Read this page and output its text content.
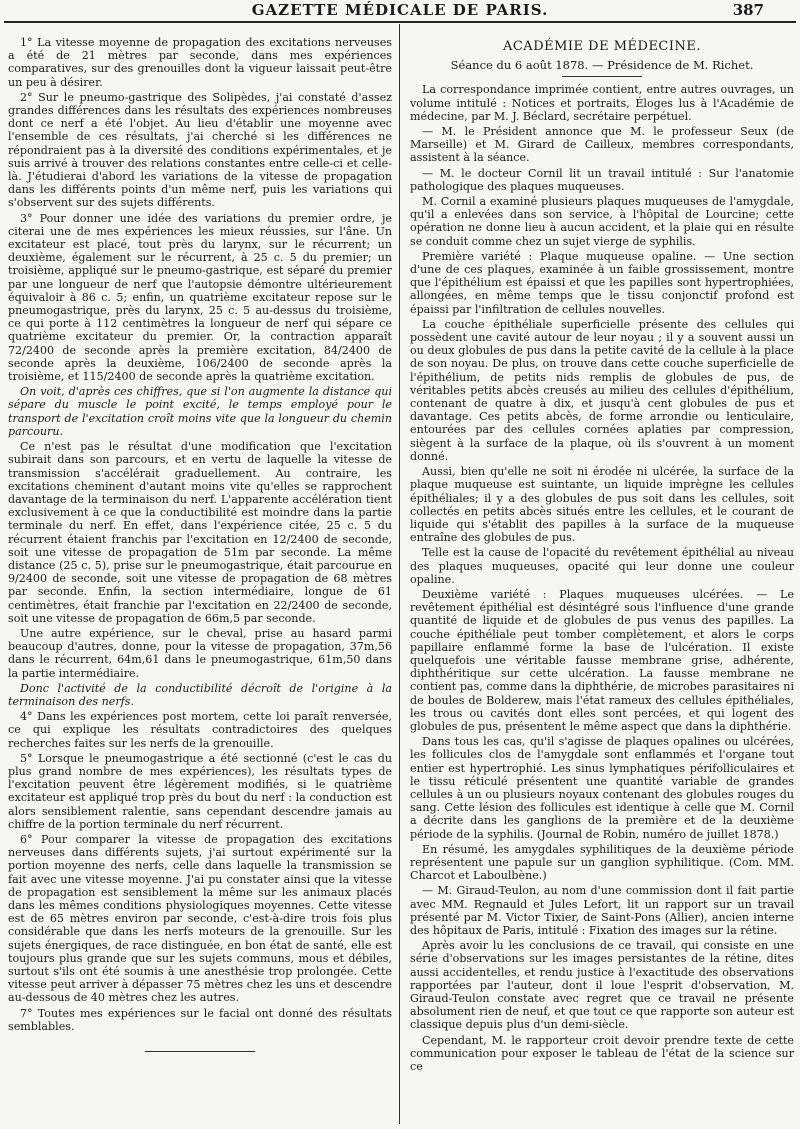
GAZETTE MÉDICALE DE PARIS.	387

1° La vitesse moyenne de propagation des excitations nerveuses a été de 21 mètres par seconde, dans mes expériences comparatives, sur des grenouilles dont la vigueur laissait peut-être un peu à désirer.

2° Sur le pneumo-gastrique des Solipèdes, j'ai constaté d'assez grandes différences dans les résultats des expériences nombreuses dont ce nerf a été l'objet. Au lieu d'établir une moyenne avec l'ensemble de ces résultats, j'ai cherché si les différences ne répondraient pas à la diversité des conditions expérimentales, et je suis arrivé à trouver des relations constantes entre celle-ci et celle-là. J'étudierai d'abord les variations de la vitesse de propagation dans les différents points d'un même nerf, puis les variations qui s'observent sur des sujets différents.

3° Pour donner une idée des variations du premier ordre, je citerai une de mes expériences les mieux réussies, sur l'âne. Un excitateur est placé, tout près du larynx, sur le récurrent; un deuxième, également sur le récurrent, à 25 c. 5 du premier; un troisième, appliqué sur le pneumo-gastrique, est séparé du premier par une longueur de nerf que l'autopsie démontre ultérieurement équivaloir à 86 c. 5; enfin, un quatrième excitateur repose sur le pneumogastrique, près du larynx, 25 c. 5 au-dessus du troisième, ce qui porte à 112 centimètres la longueur de nerf qui sépare ce quatrième excitateur du premier. Or, la contraction apparaît 72/2400 de seconde après la première excitation, 84/2400 de seconde après la deuxième, 106/2400 de seconde après la troisième, et 115/2400 de seconde après la quatrième excitation.

On voit, d'après ces chiffres, que si l'on augmente la distance qui sépare du muscle le point excité, le temps employé pour le transport de l'excitation croît moins vite que la longueur du chemin parcouru.

Ce n'est pas le résultat d'une modification que l'excitation subirait dans son parcours, et en vertu de laquelle la vitesse de transmission s'accélérait graduellement. Au contraire, les excitations cheminent d'autant moins vite qu'elles se rapprochent davantage de la terminaison du nerf. L'apparente accélération tient exclusivement à ce que la conductibilité est moindre dans la partie terminale du nerf. En effet, dans l'expérience citée, 25 c. 5 du récurrent étaient franchis par l'excitation en 12/2400 de seconde, soit une vitesse de propagation de 51m par seconde. La même distance (25 c. 5), prise sur le pneumogastrique, était parcourue en 9/2400 de seconde, soit une vitesse de propagation de 68 mètres par seconde. Enfin, la section intermédiaire, longue de 61 centimètres, était franchie par l'excitation en 22/2400 de seconde, soit une vitesse de propagation de 66m,5 par seconde.

Une autre expérience, sur le cheval, prise au hasard parmi beaucoup d'autres, donne, pour la vitesse de propagation, 37m,56 dans le récurrent, 64m,61 dans le pneumogastrique, 61m,50 dans la partie intermédiaire.

Donc l'activité de la conductibilité décroît de l'origine à la terminaison des nerfs.

4° Dans les expériences post mortem, cette loi paraît renversée, ce qui explique les résultats contradictoires des quelques recherches faites sur les nerfs de la grenouille.

5° Lorsque le pneumogastrique a été sectionné (c'est le cas du plus grand nombre de mes expériences), les résultats types de l'excitation peuvent être légèrement modifiés, si le quatrième excitateur est appliqué trop près du bout du nerf : la conduction est alors sensiblement ralentie, sans cependant descendre jamais au chiffre de la portion terminale du nerf récurrent.

6° Pour comparer la vitesse de propagation des excitations nerveuses dans différents sujets, j'ai surtout expérimenté sur la portion moyenne des nerfs, celle dans laquelle la transmission se fait avec une vitesse moyenne. J'ai pu constater ainsi que la vitesse de propagation est sensiblement la même sur les animaux placés dans les mêmes conditions physiologiques moyennes. Cette vitesse est de 65 mètres environ par seconde, c'est-à-dire trois fois plus considérable que dans les nerfs moteurs de la grenouille. Sur les sujets énergiques, de race distinguée, en bon état de santé, elle est toujours plus grande que sur les sujets communs, mous et débiles, surtout s'ils ont été soumis à une anesthésie trop prolongée. Cette vitesse peut arriver à dépasser 75 mètres chez les uns et descendre au-dessous de 40 mètres chez les autres.

7° Toutes mes expériences sur le facial ont donné des résultats semblables.

ACADÉMIE DE MÉDECINE.

Séance du 6 août 1878. — Présidence de M. Richet.

La correspondance imprimée contient, entre autres ouvrages, un volume intitulé : Notices et portraits, Éloges lus à l'Académie de médecine, par M. J. Béclard, secrétaire perpétuel.

— M. le Président annonce que M. le professeur Seux (de Marseille) et M. Girard de Cailleux, membres correspondants, assistent à la séance.

— M. le docteur Cornil lit un travail intitulé : Sur l'anatomie pathologique des plaques muqueuses.

M. Cornil a examiné plusieurs plaques muqueuses de l'amygdale, qu'il a enlevées dans son service, à l'hôpital de Lourcine; cette opération ne donne lieu à aucun accident, et la plaie qui en résulte se conduit comme chez un sujet vierge de syphilis.

Première variété : Plaque muqueuse opaline. — Une section d'une de ces plaques, examinée à un faible grossissement, montre que l'épithélium est épaissi et que les papilles sont hypertrophiées, allongées, en même temps que le tissu conjonctif profond est épaissi par l'infiltration de cellules nouvelles.

La couche épithéliale superficielle présente des cellules qui possèdent une cavité autour de leur noyau ; il y a souvent aussi un ou deux globules de pus dans la petite cavité de la cellule à la place de son noyau. De plus, on trouve dans cette couche superficielle de l'épithélium, de petits nids remplis de globules de pus, de véritables petits abcès creusés au milieu des cellules d'épithélium, contenant de quatre à dix, et jusqu'à cent globules de pus et davantage. Ces petits abcès, de forme arrondie ou lenticulaire, entourées par des cellules cornées aplaties par compression, siègent à la surface de la plaque, où ils s'ouvrent à un moment donné.

Aussi, bien qu'elle ne soit ni érodée ni ulcérée, la surface de la plaque muqueuse est suintante, un liquide imprègne les cellules épithéliales; il y a des globules de pus soit dans les cellules, soit collectés en petits abcès situés entre les cellules, et le courant de liquide qui s'établit des papilles à la surface de la muqueuse entraîne des globules de pus.

Telle est la cause de l'opacité du revêtement épithélial au niveau des plaques muqueuses, opacité qui leur donne une couleur opaline.

Deuxième variété : Plaques muqueuses ulcérées. — Le revêtement épithélial est désintégré sous l'influence d'une grande quantité de liquide et de globules de pus venus des papilles. La couche épithéliale peut tomber complètement, et alors le corps papillaire enflammé forme la base de l'ulcération. Il existe quelquefois une véritable fausse membrane grise, adhérente, diphthéritique sur cette ulcération. La fausse membrane ne contient pas, comme dans la diphthérie, de microbes parasitaires ni de boules de Bolderew, mais l'état rameux des cellules épithéliales, les trous ou cavités dont elles sont percées, et qui logent des globules de pus, présentent le même aspect que dans la diphthérie.

Dans tous les cas, qu'il s'agisse de plaques opalines ou ulcérées, les follicules clos de l'amygdale sont enflammés et l'organe tout entier est hypertrophié. Les sinus lymphatiques périfolliculaires et le tissu réticulé présentent une quantité variable de grandes cellules à un ou plusieurs noyaux contenant des globules rouges du sang. Cette lésion des follicules est identique à celle que M. Cornil a décrite dans les ganglions de la première et de la deuxième période de la syphilis. (Journal de Robin, numéro de juillet 1878.)

En résumé, les amygdales syphilitiques de la deuxième période représentent une papule sur un ganglion syphilitique. (Com. MM. Charcot et Laboulbène.)

— M. Giraud-Teulon, au nom d'une commission dont il fait partie avec MM. Regnauld et Jules Lefort, lit un rapport sur un travail présenté par M. Victor Tixier, de Saint-Pons (Allier), ancien interne des hôpitaux de Paris, intitulé : Fixation des images sur la rétine.

Après avoir lu les conclusions de ce travail, qui consiste en une série d'observations sur les images persistantes de la rétine, dites aussi accidentelles, et rendu justice à l'exactitude des observations rapportées par l'auteur, dont il loue l'esprit d'observation, M. Giraud-Teulon constate avec regret que ce travail ne présente absolument rien de neuf, et que tout ce que rapporte son auteur est classique depuis plus d'un demi-siècle.

Cependant, M. le rapporteur croit devoir prendre texte de cette communication pour exposer le tableau de l'état de la science sur ce
